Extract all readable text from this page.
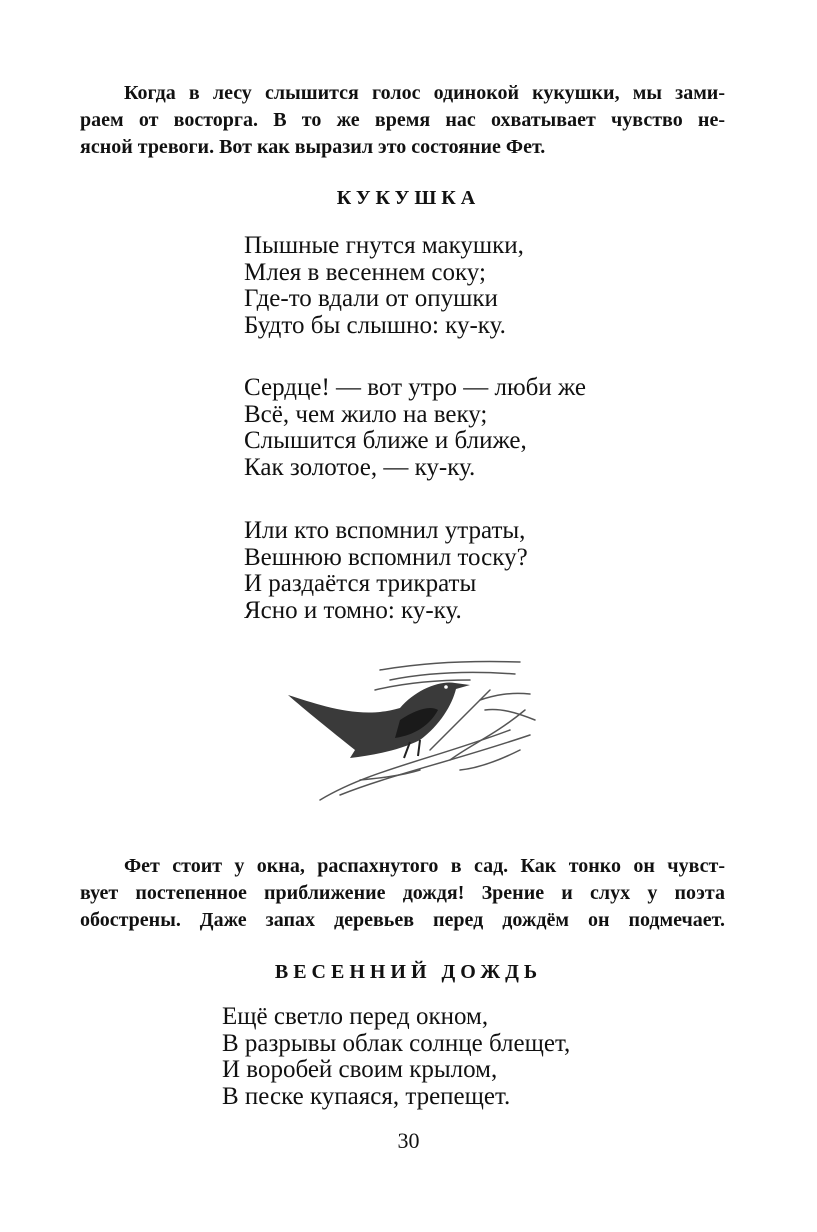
Когда в лесу слышится голос одинокой кукушки, мы зами-
раем от восторга. В то же время нас охватывает чувство не-
ясной тревоги. Вот как выразил это состояние Фет.
КУКУШКА
Пышные гнутся макушки,
Млея в весеннем соку;
Где-то вдали от опушки
Будто бы слышно: ку-ку.
Сердце! — вот утро — люби же
Всё, чем жило на веку;
Слышится ближе и ближе,
Как золотое, — ку-ку.
Или кто вспомнил утраты,
Вешнюю вспомнил тоску?
И раздаётся трикраты
Ясно и томно: ку-ку.
Фет стоит у окна, распахнутого в сад. Как тонко он чувст-
вует постепенное приближение дождя! Зрение и слух у поэта
обострены. Даже запах деревьев перед дождём он подмечает.
ВЕСЕННИЙ ДОЖДЬ
Ещё светло перед окном,
В разрывы облак солнце блещет,
И воробей своим крылом,
В песке купаяся, трепещет.
30
